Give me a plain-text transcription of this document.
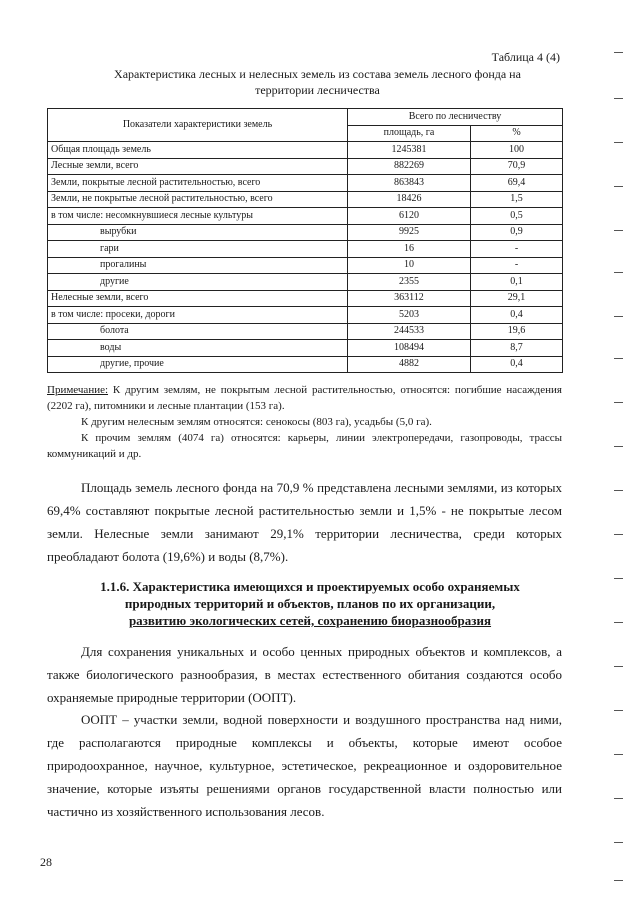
Таблица 4 (4)
Характеристика лесных и нелесных земель из состава земель лесного фонда на
территории лесничества
Показатели характеристики земель	Всего по лесничеству	
	площадь, га	%
Общая площадь земель	1245381	100
Лесные земли, всего	882269	70,9
Земли, покрытые лесной растительностью, всего	863843	69,4
Земли, не покрытые лесной растительностью, всего	18426	1,5
в том числе: несомкнувшиеся лесные культуры	6120	0,5
вырубки	9925	0,9
гари	16	-
прогалины	10	-
другие	2355	0,1
Нелесные земли, всего	363112	29,1
в том числе: просеки, дороги	5203	0,4
болота	244533	19,6
воды	108494	8,7
другие, прочие	4882	0,4

Примечание: К другим землям, не покрытым лесной растительностью, относятся: погибшие насаждения (2202 га), питомники и лесные плантации (153 га).

К другим нелесным землям относятся: сенокосы (803 га), усадьбы (5,0 га).

К прочим землям (4074 га) относятся: карьеры, линии электропередачи, газопроводы, трассы коммуникаций и др.

Площадь земель лесного фонда на 70,9 % представлена лесными землями, из которых 69,4% составляют покрытые лесной растительностью земли и 1,5% - не покрытые лесом земли. Нелесные земли занимают 29,1% территории лесничества, среди которых преобладают болота (19,6%) и воды (8,7%).

1.1.6. Характеристика имеющихся и проектируемых особо охраняемых
природных территорий и объектов, планов по их организации,
развитию экологических сетей, сохранению биоразнообразия

Для сохранения уникальных и особо ценных природных объектов и комплексов, а также биологического разнообразия, в местах естественного обитания создаются особо охраняемые природные территории (ООПТ).

ООПТ – участки земли, водной поверхности и воздушного пространства над ними, где располагаются природные комплексы и объекты, которые имеют особое природоохранное, научное, культурное, эстетическое, рекреационное и оздоровительное значение, которые изъяты решениями органов государственной власти полностью или частично из хозяйственного использования лесов.

28
